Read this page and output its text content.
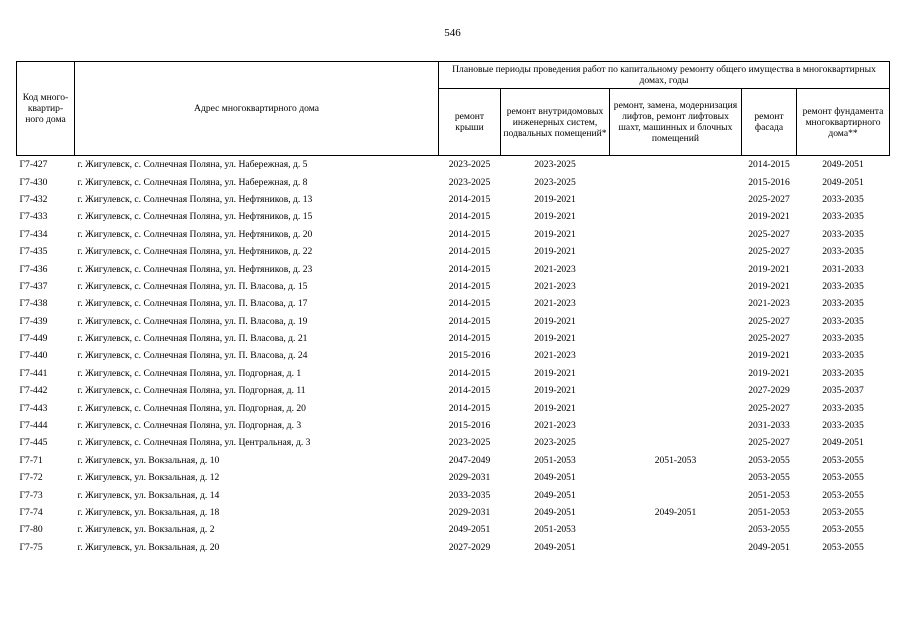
546
Код много-квартир-ного дома	Адрес многоквартирного дома	Плановые периоды проведения работ по капитальному ремонту общего имущества в многоквартирных домах, годы				
		ремонт крыши	ремонт внутридомовых инженерных систем, подвальных помещений*	ремонт, замена, модернизация лифтов, ремонт лифтовых шахт, машинных и блочных помещений	ремонт фасада	ремонт фундамента многоквартирного дома**
Г7-427	г. Жигулевск, с. Солнечная Поляна, ул. Набережная, д. 5	2023-2025	2023-2025		2014-2015	2049-2051
Г7-430	г. Жигулевск, с. Солнечная Поляна, ул. Набережная, д. 8	2023-2025	2023-2025		2015-2016	2049-2051
Г7-432	г. Жигулевск, с. Солнечная Поляна, ул. Нефтяников, д. 13	2014-2015	2019-2021		2025-2027	2033-2035
Г7-433	г. Жигулевск, с. Солнечная Поляна, ул. Нефтяников, д. 15	2014-2015	2019-2021		2019-2021	2033-2035
Г7-434	г. Жигулевск, с. Солнечная Поляна, ул. Нефтяников, д. 20	2014-2015	2019-2021		2025-2027	2033-2035
Г7-435	г. Жигулевск, с. Солнечная Поляна, ул. Нефтяников, д. 22	2014-2015	2019-2021		2025-2027	2033-2035
Г7-436	г. Жигулевск, с. Солнечная Поляна, ул. Нефтяников, д. 23	2014-2015	2021-2023		2019-2021	2031-2033
Г7-437	г. Жигулевск, с. Солнечная Поляна, ул. П. Власова, д. 15	2014-2015	2021-2023		2019-2021	2033-2035
Г7-438	г. Жигулевск, с. Солнечная Поляна, ул. П. Власова, д. 17	2014-2015	2021-2023		2021-2023	2033-2035
Г7-439	г. Жигулевск, с. Солнечная Поляна, ул. П. Власова, д. 19	2014-2015	2019-2021		2025-2027	2033-2035
Г7-449	г. Жигулевск, с. Солнечная Поляна, ул. П. Власова, д. 21	2014-2015	2019-2021		2025-2027	2033-2035
Г7-440	г. Жигулевск, с. Солнечная Поляна, ул. П. Власова, д. 24	2015-2016	2021-2023		2019-2021	2033-2035
Г7-441	г. Жигулевск, с. Солнечная Поляна, ул. Подгорная, д. 1	2014-2015	2019-2021		2019-2021	2033-2035
Г7-442	г. Жигулевск, с. Солнечная Поляна, ул. Подгорная, д. 11	2014-2015	2019-2021		2027-2029	2035-2037
Г7-443	г. Жигулевск, с. Солнечная Поляна, ул. Подгорная, д. 20	2014-2015	2019-2021		2025-2027	2033-2035
Г7-444	г. Жигулевск, с. Солнечная Поляна, ул. Подгорная, д. 3	2015-2016	2021-2023		2031-2033	2033-2035
Г7-445	г. Жигулевск, с. Солнечная Поляна, ул. Центральная, д. 3	2023-2025	2023-2025		2025-2027	2049-2051
Г7-71	г. Жигулевск, ул. Вокзальная, д. 10	2047-2049	2051-2053	2051-2053	2053-2055	2053-2055
Г7-72	г. Жигулевск, ул. Вокзальная, д. 12	2029-2031	2049-2051		2053-2055	2053-2055
Г7-73	г. Жигулевск, ул. Вокзальная, д. 14	2033-2035	2049-2051		2051-2053	2053-2055
Г7-74	г. Жигулевск, ул. Вокзальная, д. 18	2029-2031	2049-2051	2049-2051	2051-2053	2053-2055
Г7-80	г. Жигулевск, ул. Вокзальная, д. 2	2049-2051	2051-2053		2053-2055	2053-2055
Г7-75	г. Жигулевск, ул. Вокзальная, д. 20	2027-2029	2049-2051		2049-2051	2053-2055
